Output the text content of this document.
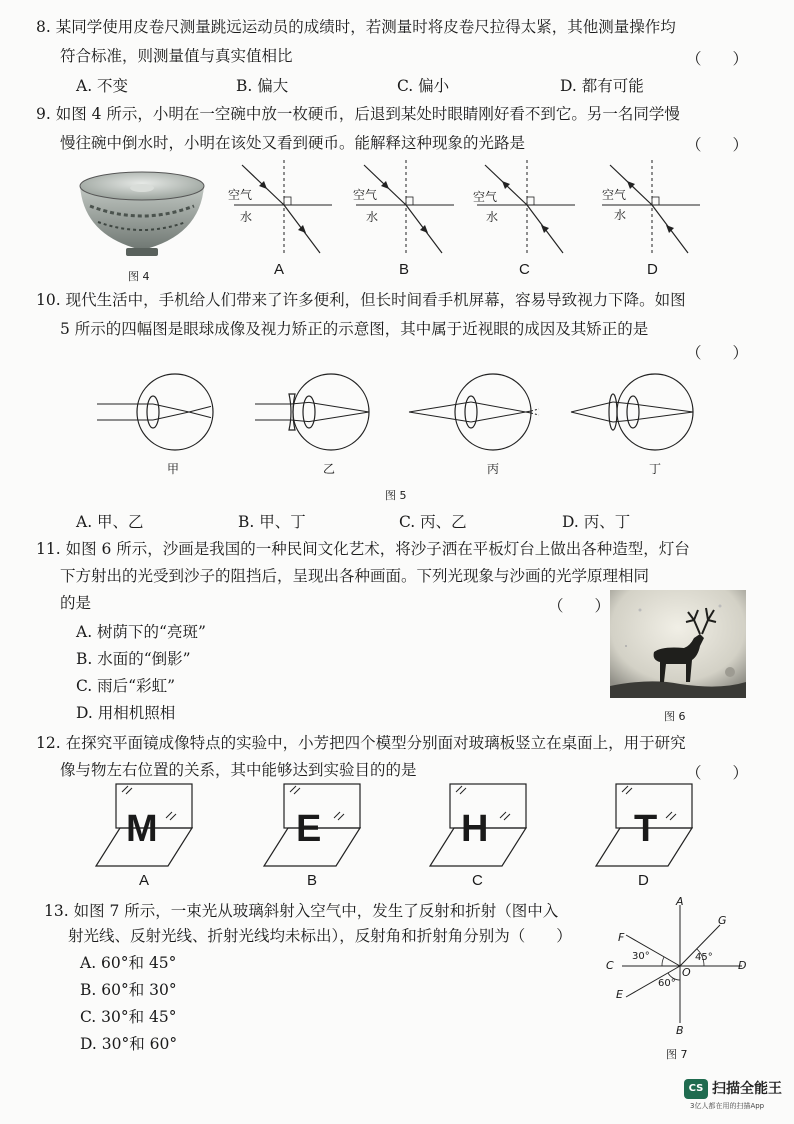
8. 某同学使用皮卷尺测量跳远运动员的成绩时，若测量时将皮卷尺拉得太紧，其他测量操作均
符合标准，则测量值与真实值相比	（　　）
A. 不变	B. 偏大	C. 偏小	D. 都有可能
9. 如图 4 所示，小明在一空碗中放一枚硬币，后退到某处时眼睛刚好看不到它。另一名同学慢
慢往碗中倒水时，小明在该处又看到硬币。能解释这种现象的光路是	（　　）
图 4	A	B	C	D
空气
水
空气
水
空气
水
空气
水
10. 现代生活中，手机给人们带来了许多便利，但长时间看手机屏幕，容易导致视力下降。如图
5 所示的四幅图是眼球成像及视力矫正的示意图，其中属于近视眼的成因及其矫正的是
（　　）
甲	乙	丙	丁
图 5
A. 甲、乙	B. 甲、丁	C. 丙、乙	D. 丙、丁
11. 如图 6 所示，沙画是我国的一种民间文化艺术，将沙子洒在平板灯台上做出各种造型，灯台
下方射出的光受到沙子的阻挡后，呈现出各种画面。下列光现象与沙画的光学原理相同
的是	（　　）
A. 树荫下的“亮斑”
B. 水面的“倒影”
C. 雨后“彩虹”
D. 用相机照相	图 6
12. 在探究平面镜成像特点的实验中，小芳把四个模型分别面对玻璃板竖立在桌面上，用于研究
像与物左右位置的关系，其中能够达到实验目的的是	（　　）
M	E	H	T
A	B	C	D
13. 如图 7 所示，一束光从玻璃斜射入空气中，发生了反射和折射（图中入
射光线、反射光线、折射光线均未标出），反射角和折射角分别为（　　）
A. 60°和 45°
B. 60°和 30°
C. 30°和 45°
D. 30°和 60°
A
B
C	D
E
F
G
O
30°	45°
60°
图 7
CS 扫描全能王
3亿人都在用的扫描App
